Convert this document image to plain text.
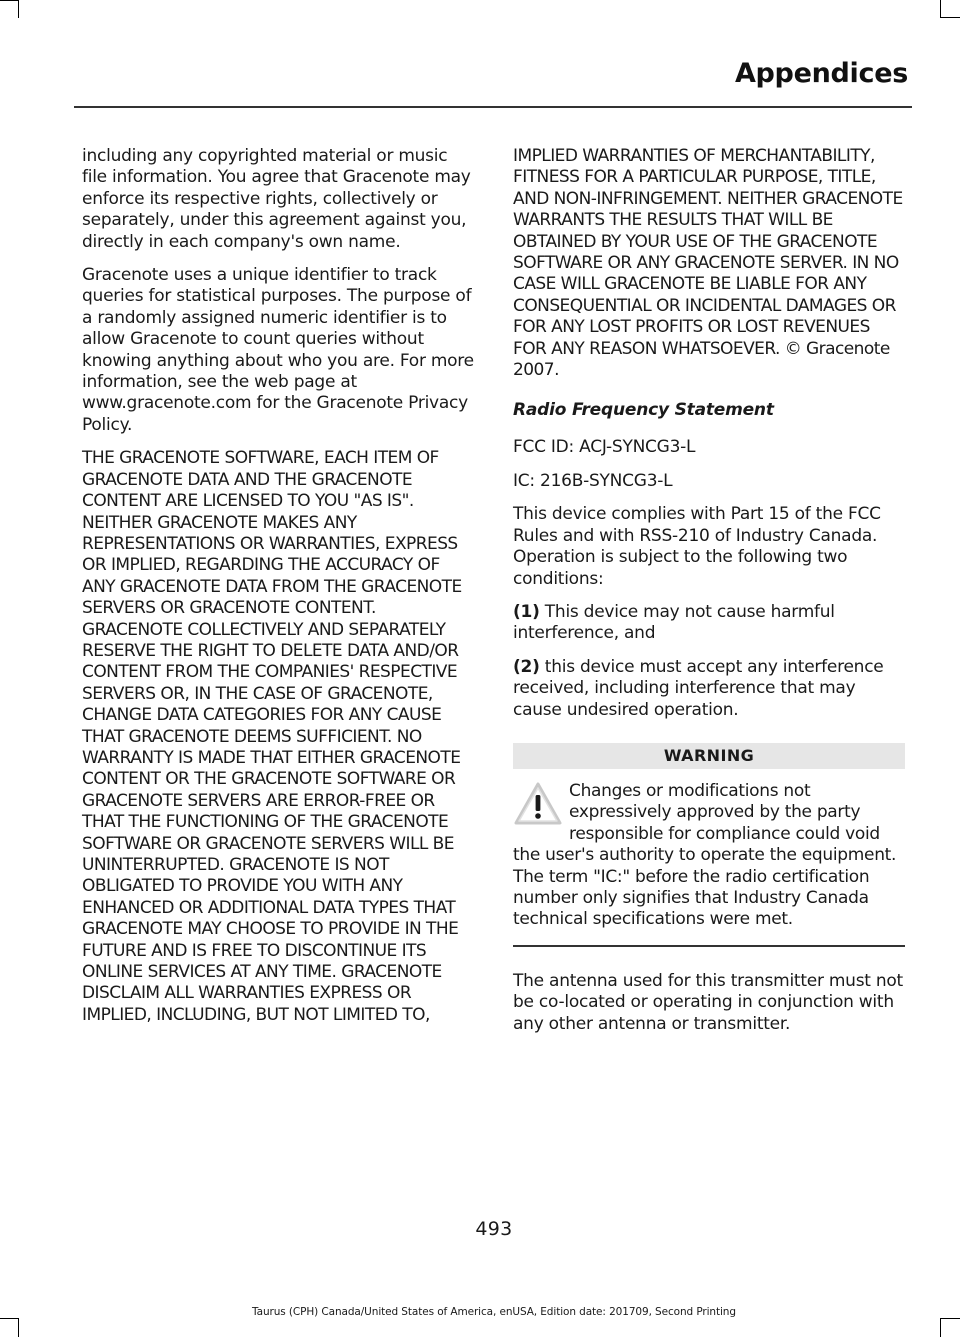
Appendices

including any copyrighted material or music file information. You agree that Gracenote may enforce its respective rights, collectively or separately, under this agreement against you, directly in each company's own name.

Gracenote uses a unique identifier to track queries for statistical purposes. The purpose of a randomly assigned numeric identifier is to allow Gracenote to count queries without knowing anything about who you are. For more information, see the web page at www.gracenote.com for the Gracenote Privacy Policy.

THE GRACENOTE SOFTWARE, EACH ITEM OF GRACENOTE DATA AND THE GRACENOTE CONTENT ARE LICENSED TO YOU "AS IS". NEITHER GRACENOTE MAKES ANY REPRESENTATIONS OR WARRANTIES, EXPRESS OR IMPLIED, REGARDING THE ACCURACY OF ANY GRACENOTE DATA FROM THE GRACENOTE SERVERS OR GRACENOTE CONTENT. GRACENOTE COLLECTIVELY AND SEPARATELY RESERVE THE RIGHT TO DELETE DATA AND/OR CONTENT FROM THE COMPANIES' RESPECTIVE SERVERS OR, IN THE CASE OF GRACENOTE, CHANGE DATA CATEGORIES FOR ANY CAUSE THAT GRACENOTE DEEMS SUFFICIENT. NO WARRANTY IS MADE THAT EITHER GRACENOTE CONTENT OR THE GRACENOTE SOFTWARE OR GRACENOTE SERVERS ARE ERROR-FREE OR THAT THE FUNCTIONING OF THE GRACENOTE SOFTWARE OR GRACENOTE SERVERS WILL BE UNINTERRUPTED. GRACENOTE IS NOT OBLIGATED TO PROVIDE YOU WITH ANY ENHANCED OR ADDITIONAL DATA TYPES THAT GRACENOTE MAY CHOOSE TO PROVIDE IN THE FUTURE AND IS FREE TO DISCONTINUE ITS ONLINE SERVICES AT ANY TIME. GRACENOTE DISCLAIM ALL WARRANTIES EXPRESS OR IMPLIED, INCLUDING, BUT NOT LIMITED TO,

IMPLIED WARRANTIES OF MERCHANTABILITY, FITNESS FOR A PARTICULAR PURPOSE, TITLE, AND NON-INFRINGEMENT. NEITHER GRACENOTE WARRANTS THE RESULTS THAT WILL BE OBTAINED BY YOUR USE OF THE GRACENOTE SOFTWARE OR ANY GRACENOTE SERVER. IN NO CASE WILL GRACENOTE BE LIABLE FOR ANY CONSEQUENTIAL OR INCIDENTAL DAMAGES OR FOR ANY LOST PROFITS OR LOST REVENUES FOR ANY REASON WHATSOEVER. © Gracenote 2007.

Radio Frequency Statement

FCC ID: ACJ-SYNCG3-L

IC: 216B-SYNCG3-L

This device complies with Part 15 of the FCC Rules and with RSS-210 of Industry Canada. Operation is subject to the following two conditions:

(1) This device may not cause harmful interference, and

(2) this device must accept any interference received, including interference that may cause undesired operation.

WARNING
Changes or modifications not expressively approved by the party responsible for compliance could void the user's authority to operate the equipment. The term "IC:" before the radio certification number only signifies that Industry Canada technical specifications were met.

The antenna used for this transmitter must not be co-located or operating in conjunction with any other antenna or transmitter.

493
Taurus (CPH) Canada/United States of America, enUSA, Edition date: 201709, Second Printing
